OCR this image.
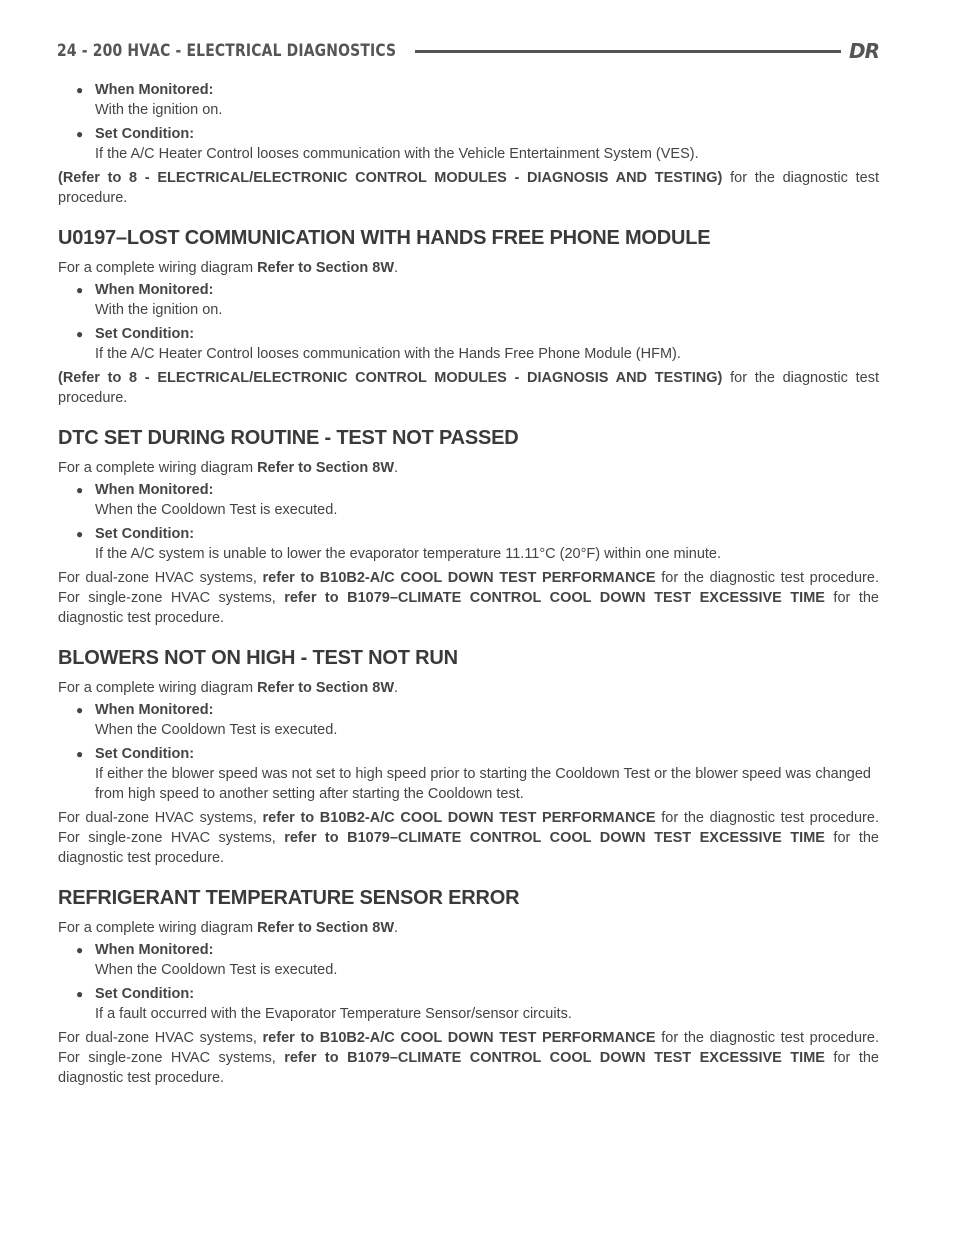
24 - 200 HVAC - ELECTRICAL DIAGNOSTICS	DR
● When Monitored:
With the ignition on.
● Set Condition:
If the A/C Heater Control looses communication with the Vehicle Entertainment System (VES).

(Refer to 8 - ELECTRICAL/ELECTRONIC CONTROL MODULES - DIAGNOSIS AND TESTING) for the diagnostic test procedure.

U0197–LOST COMMUNICATION WITH HANDS FREE PHONE MODULE
For a complete wiring diagram Refer to Section 8W.
● When Monitored:
With the ignition on.
● Set Condition:
If the A/C Heater Control looses communication with the Hands Free Phone Module (HFM).

(Refer to 8 - ELECTRICAL/ELECTRONIC CONTROL MODULES - DIAGNOSIS AND TESTING) for the diagnostic test procedure.

DTC SET DURING ROUTINE - TEST NOT PASSED
For a complete wiring diagram Refer to Section 8W.
● When Monitored:
When the Cooldown Test is executed.
● Set Condition:
If the A/C system is unable to lower the evaporator temperature 11.11°C (20°F) within one minute.

For dual-zone HVAC systems, refer to B10B2-A/C COOL DOWN TEST PERFORMANCE for the diagnostic test procedure. For single-zone HVAC systems, refer to B1079–CLIMATE CONTROL COOL DOWN TEST EXCESSIVE TIME for the diagnostic test procedure.

BLOWERS NOT ON HIGH - TEST NOT RUN
For a complete wiring diagram Refer to Section 8W.
● When Monitored:
When the Cooldown Test is executed.
● Set Condition:
If either the blower speed was not set to high speed prior to starting the Cooldown Test or the blower speed was changed from high speed to another setting after starting the Cooldown test.

For dual-zone HVAC systems, refer to B10B2-A/C COOL DOWN TEST PERFORMANCE for the diagnostic test procedure. For single-zone HVAC systems, refer to B1079–CLIMATE CONTROL COOL DOWN TEST EXCESSIVE TIME for the diagnostic test procedure.

REFRIGERANT TEMPERATURE SENSOR ERROR
For a complete wiring diagram Refer to Section 8W.
● When Monitored:
When the Cooldown Test is executed.
● Set Condition:
If a fault occurred with the Evaporator Temperature Sensor/sensor circuits.

For dual-zone HVAC systems, refer to B10B2-A/C COOL DOWN TEST PERFORMANCE for the diagnostic test procedure. For single-zone HVAC systems, refer to B1079–CLIMATE CONTROL COOL DOWN TEST EXCESSIVE TIME for the diagnostic test procedure.
